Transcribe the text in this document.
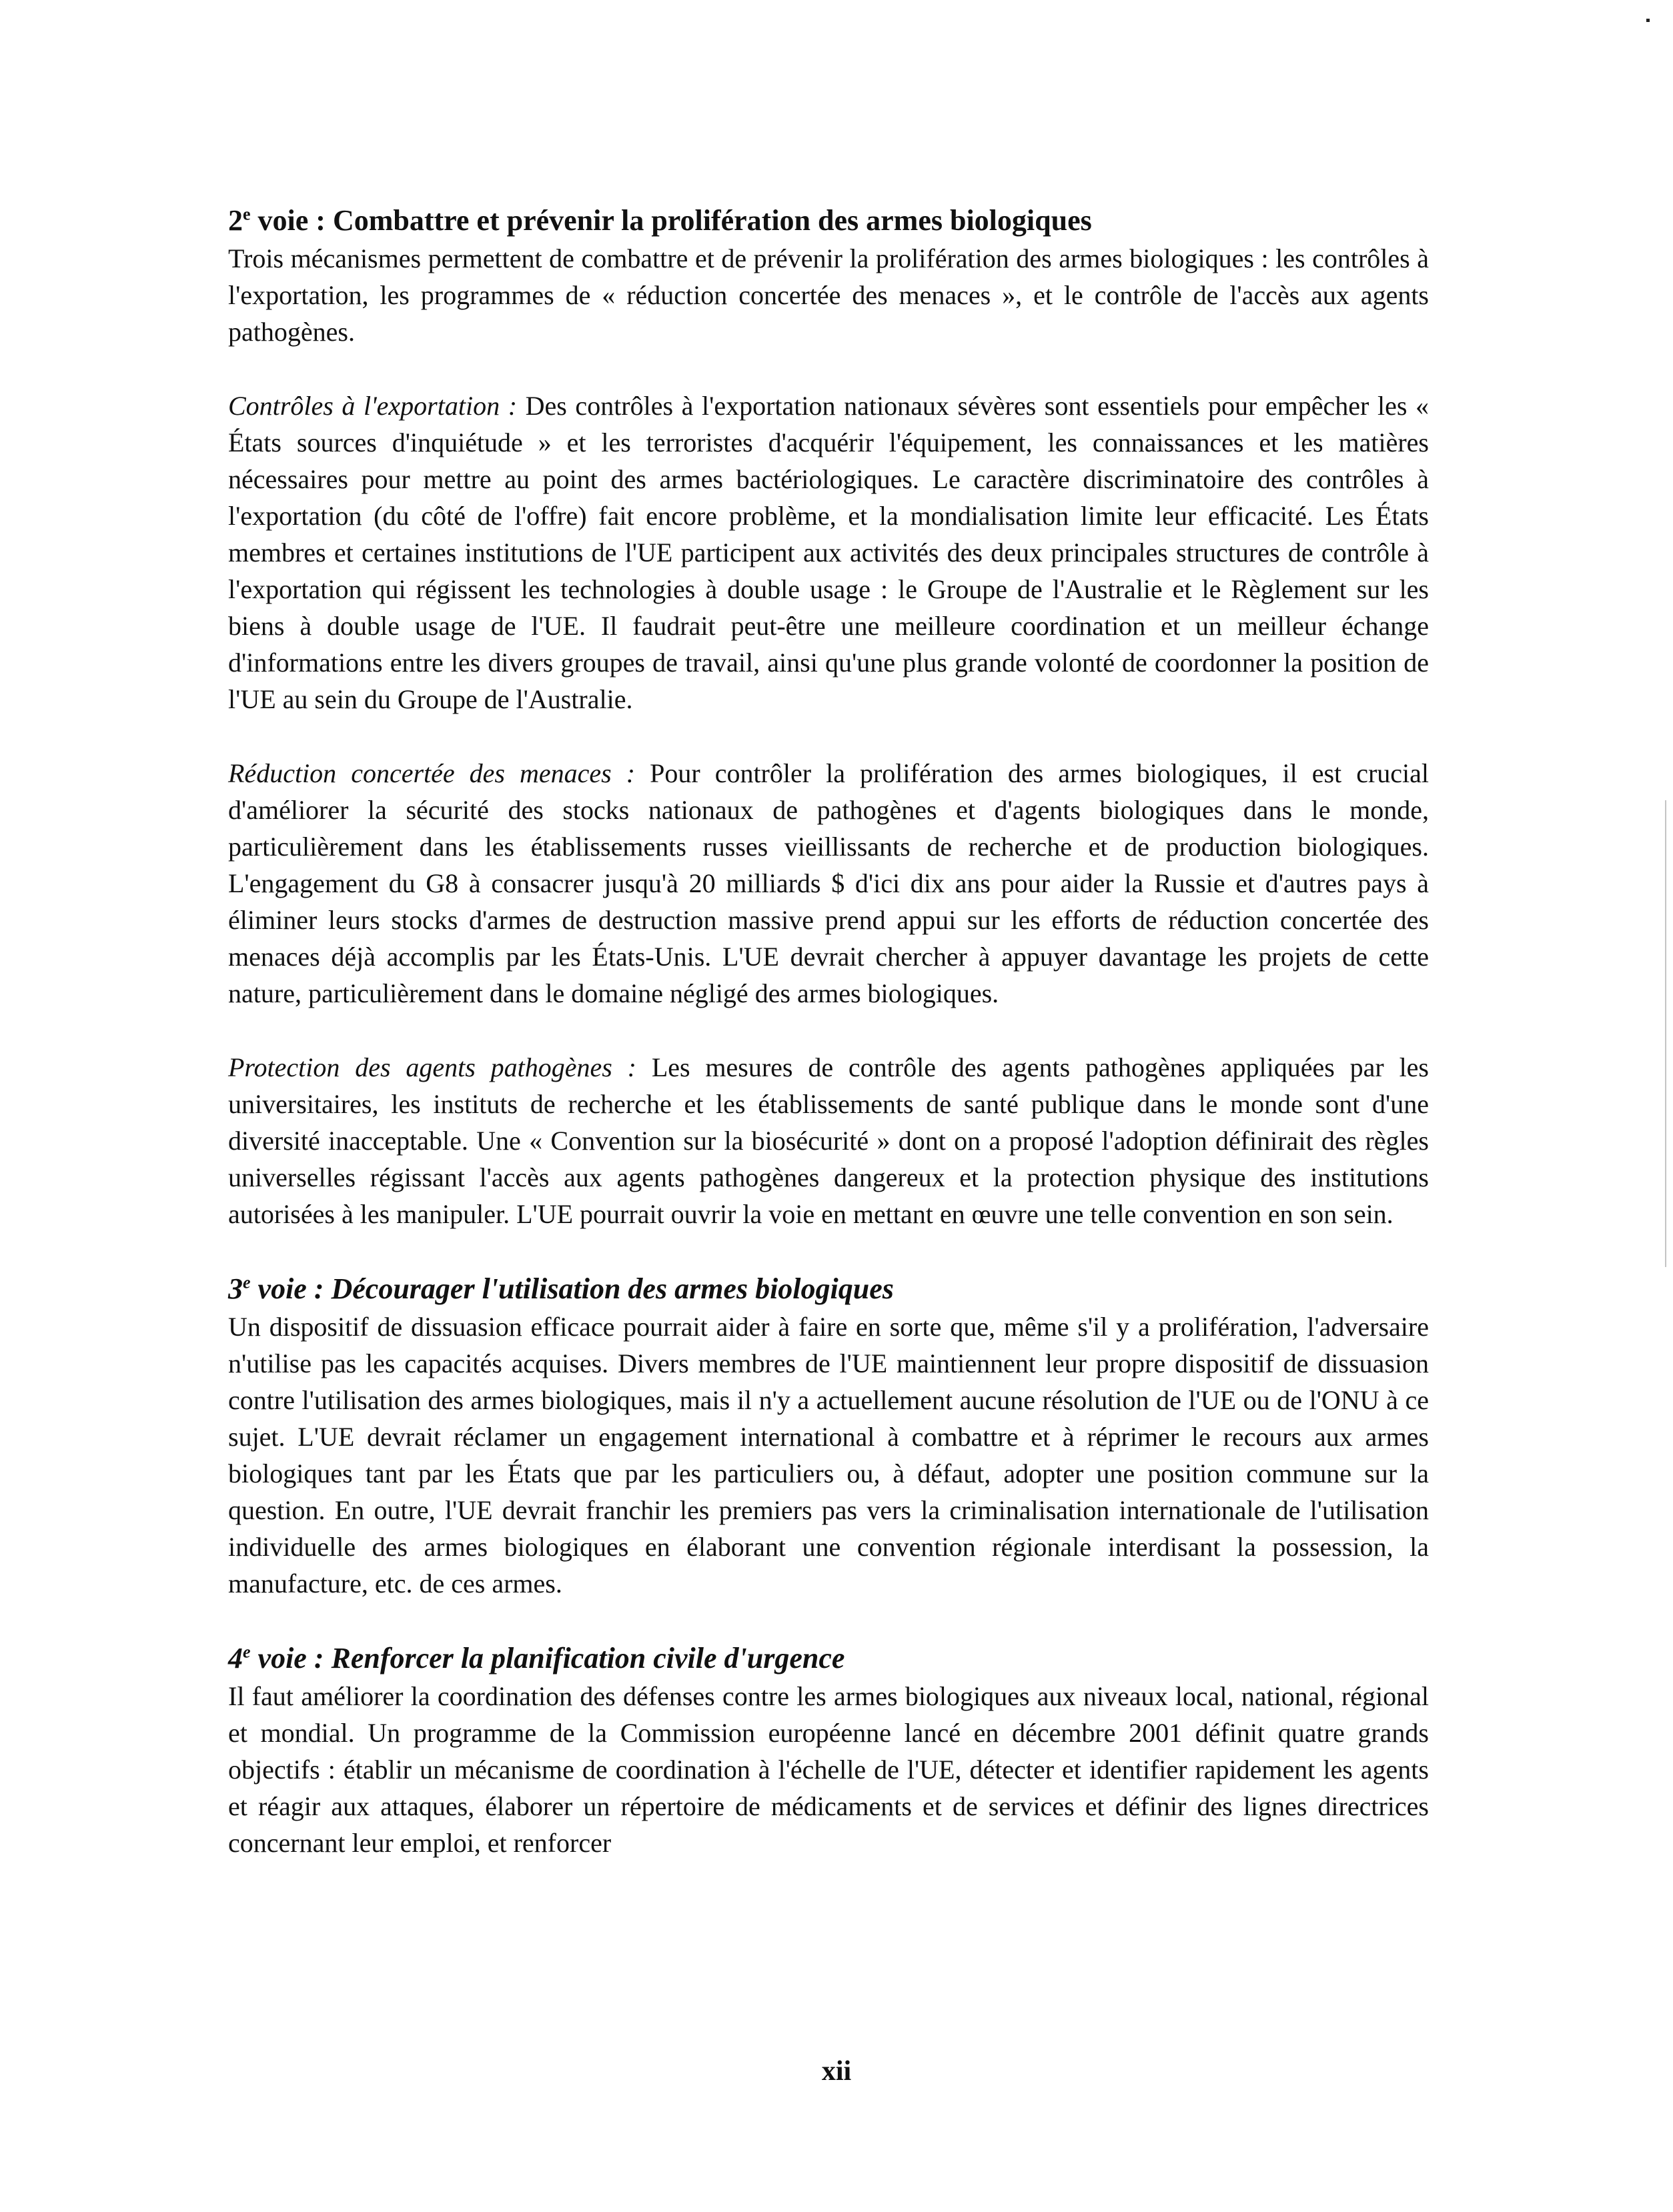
2e voie : Combattre et prévenir la prolifération des armes biologiques

Trois mécanismes permettent de combattre et de prévenir la prolifération des armes biologiques : les contrôles à l'exportation, les programmes de « réduction concertée des menaces », et le contrôle de l'accès aux agents pathogènes.

Contrôles à l'exportation : Des contrôles à l'exportation nationaux sévères sont essentiels pour empêcher les « États sources d'inquiétude » et les terroristes d'acquérir l'équipement, les connaissances et les matières nécessaires pour mettre au point des armes bactériologiques. Le caractère discriminatoire des contrôles à l'exportation (du côté de l'offre) fait encore problème, et la mondialisation limite leur efficacité. Les États membres et certaines institutions de l'UE participent aux activités des deux principales structures de contrôle à l'exportation qui régissent les technologies à double usage : le Groupe de l'Australie et le Règlement sur les biens à double usage de l'UE. Il faudrait peut-être une meilleure coordination et un meilleur échange d'informations entre les divers groupes de travail, ainsi qu'une plus grande volonté de coordonner la position de l'UE au sein du Groupe de l'Australie.

Réduction concertée des menaces : Pour contrôler la prolifération des armes biologiques, il est crucial d'améliorer la sécurité des stocks nationaux de pathogènes et d'agents biologiques dans le monde, particulièrement dans les établissements russes vieillissants de recherche et de production biologiques. L'engagement du G8 à consacrer jusqu'à 20 milliards $ d'ici dix ans pour aider la Russie et d'autres pays à éliminer leurs stocks d'armes de destruction massive prend appui sur les efforts de réduction concertée des menaces déjà accomplis par les États-Unis. L'UE devrait chercher à appuyer davantage les projets de cette nature, particulièrement dans le domaine négligé des armes biologiques.

Protection des agents pathogènes : Les mesures de contrôle des agents pathogènes appliquées par les universitaires, les instituts de recherche et les établissements de santé publique dans le monde sont d'une diversité inacceptable. Une « Convention sur la biosécurité » dont on a proposé l'adoption définirait des règles universelles régissant l'accès aux agents pathogènes dangereux et la protection physique des institutions autorisées à les manipuler. L'UE pourrait ouvrir la voie en mettant en œuvre une telle convention en son sein.

3e voie : Décourager l'utilisation des armes biologiques

Un dispositif de dissuasion efficace pourrait aider à faire en sorte que, même s'il y a prolifération, l'adversaire n'utilise pas les capacités acquises. Divers membres de l'UE maintiennent leur propre dispositif de dissuasion contre l'utilisation des armes biologiques, mais il n'y a actuellement aucune résolution de l'UE ou de l'ONU à ce sujet. L'UE devrait réclamer un engagement international à combattre et à réprimer le recours aux armes biologiques tant par les États que par les particuliers ou, à défaut, adopter une position commune sur la question. En outre, l'UE devrait franchir les premiers pas vers la criminalisation internationale de l'utilisation individuelle des armes biologiques en élaborant une convention régionale interdisant la possession, la manufacture, etc. de ces armes.

4e voie : Renforcer la planification civile d'urgence

Il faut améliorer la coordination des défenses contre les armes biologiques aux niveaux local, national, régional et mondial. Un programme de la Commission européenne lancé en décembre 2001 définit quatre grands objectifs : établir un mécanisme de coordination à l'échelle de l'UE, détecter et identifier rapidement les agents et réagir aux attaques, élaborer un répertoire de médicaments et de services et définir des lignes directrices concernant leur emploi, et renforcer

xii
